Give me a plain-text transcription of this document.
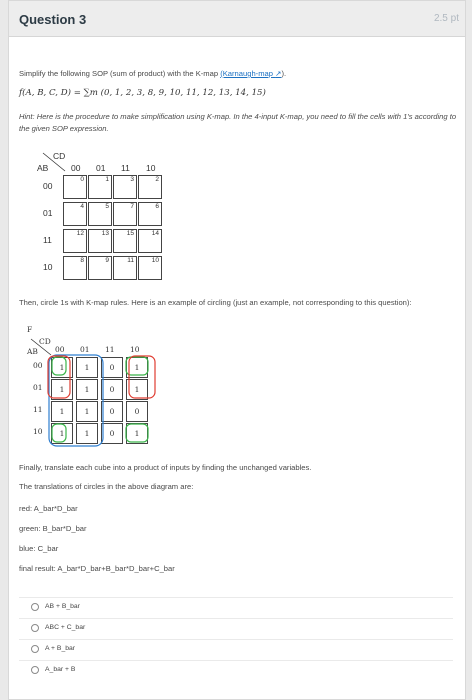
Question 3	2.5 pt
Simplify the following SOP (sum of product) with the K-map (Karnaugh-map ↗).
f(A, B, C, D) = ∑m (0, 1, 2, 3, 8, 9, 10, 11, 12, 13, 14, 15)
Hint: Here is the procedure to make simplification using K-map. In the 4-input K-map, you need to fill the cells with 1's according to the given SOP expression.
AB
CD
00 01 11 10
00
01
11
10
0	1	3	2
4	5	7	6
12	13	15	14
8	9	11	10
Then, circle 1s with K-map rules. Here is an example of circling (just an example, not corresponding to this question):
F
AB
CD
00 01 11 10
00
01
11
10
1	1	0	1
1	1	0	1
1	1	0	0
1	1	0	1
Finally, translate each cube into a product of inputs by finding the unchanged variables.
The translations of circles in the above diagram are:
red: A_bar*D_bar
green: B_bar*D_bar
blue: C_bar
final result: A_bar*D_bar+B_bar*D_bar+C_bar
AB + B_bar
ABC + C_bar
A + B_bar
A_bar + B
